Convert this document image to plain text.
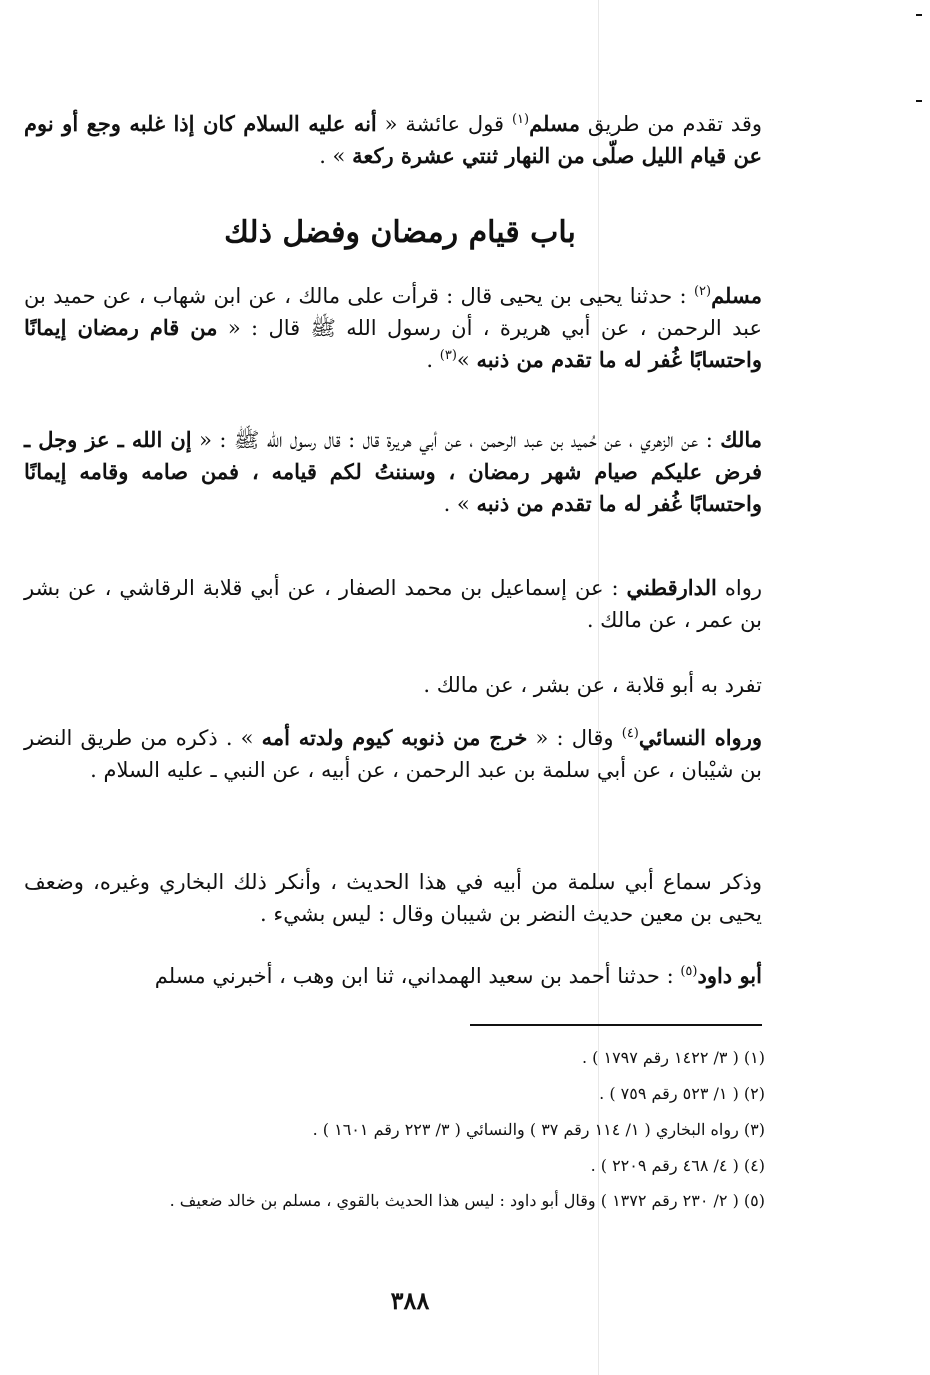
وقد تقدم من طريق مسلم$^{(١)}$ قول عائشة « أنه عليه السلام كان إذا غلبه وجع أو نوم عن قيام الليل صلّى من النهار ثنتي عشرة ركعة » .

باب قيام رمضان وفضل ذلك

مسلم$^{(٢)}$ : حدثنا يحيى بن يحيى قال : قرأت على مالك ، عن ابن شهاب ، عن حميد بن عبد الرحمن ، عن أبي هريرة ، أن رسول الله ﷺ قال : « من قام رمضان إيمانًا واحتسابًا غُفر له ما تقدم من ذنبه »$^{(٣)}$ .

مالك : عن الزهري ، عن حُميد بن عبد الرحمن ، عن أبي هريرة قال : قال رسول الله ﷺ : « إن الله ـ عز وجل ـ فرض عليكم صيام شهر رمضان ، وسننتُ لكم قيامه ، فمن صامه وقامه إيمانًا واحتسابًا غُفر له ما تقدم من ذنبه » .

رواه الدارقطني : عن إسماعيل بن محمد الصفار ، عن أبي قلابة الرقاشي ، عن بشر بن عمر ، عن مالك .

تفرد به أبو قلابة ، عن بشر ، عن مالك .

ورواه النسائي$^{(٤)}$ وقال : « خرج من ذنوبه كيوم ولدته أمه » . ذكره من طريق النضر بن شيْبان ، عن أبي سلمة بن عبد الرحمن ، عن أبيه ، عن النبي ـ عليه السلام .

وذكر سماع أبي سلمة من أبيه في هذا الحديث ، وأنكر ذلك البخاري وغيره، وضعف يحيى بن معين حديث النضر بن شيبان وقال : ليس بشيء .

أبو داود$^{(٥)}$ : حدثنا أحمد بن سعيد الهمداني، ثنا ابن وهب ، أخبرني مسلم

(١) ( ٣/ ١٤٢٢ رقم ١٧٩٧ ) .

(٢) ( ١/ ٥٢٣ رقم ٧٥٩ ) .

(٣) رواه البخاري ( ١/ ١١٤ رقم ٣٧ ) والنسائي ( ٣/ ٢٢٣ رقم ١٦٠١ ) .

(٤) ( ٤/ ٤٦٨ رقم ٢٢٠٩ ) .

(٥) ( ٢/ ٢٣٠ رقم ١٣٧٢ ) وقال أبو داود : ليس هذا الحديث بالقوي ، مسلم بن خالد ضعيف .

٣٨٨
